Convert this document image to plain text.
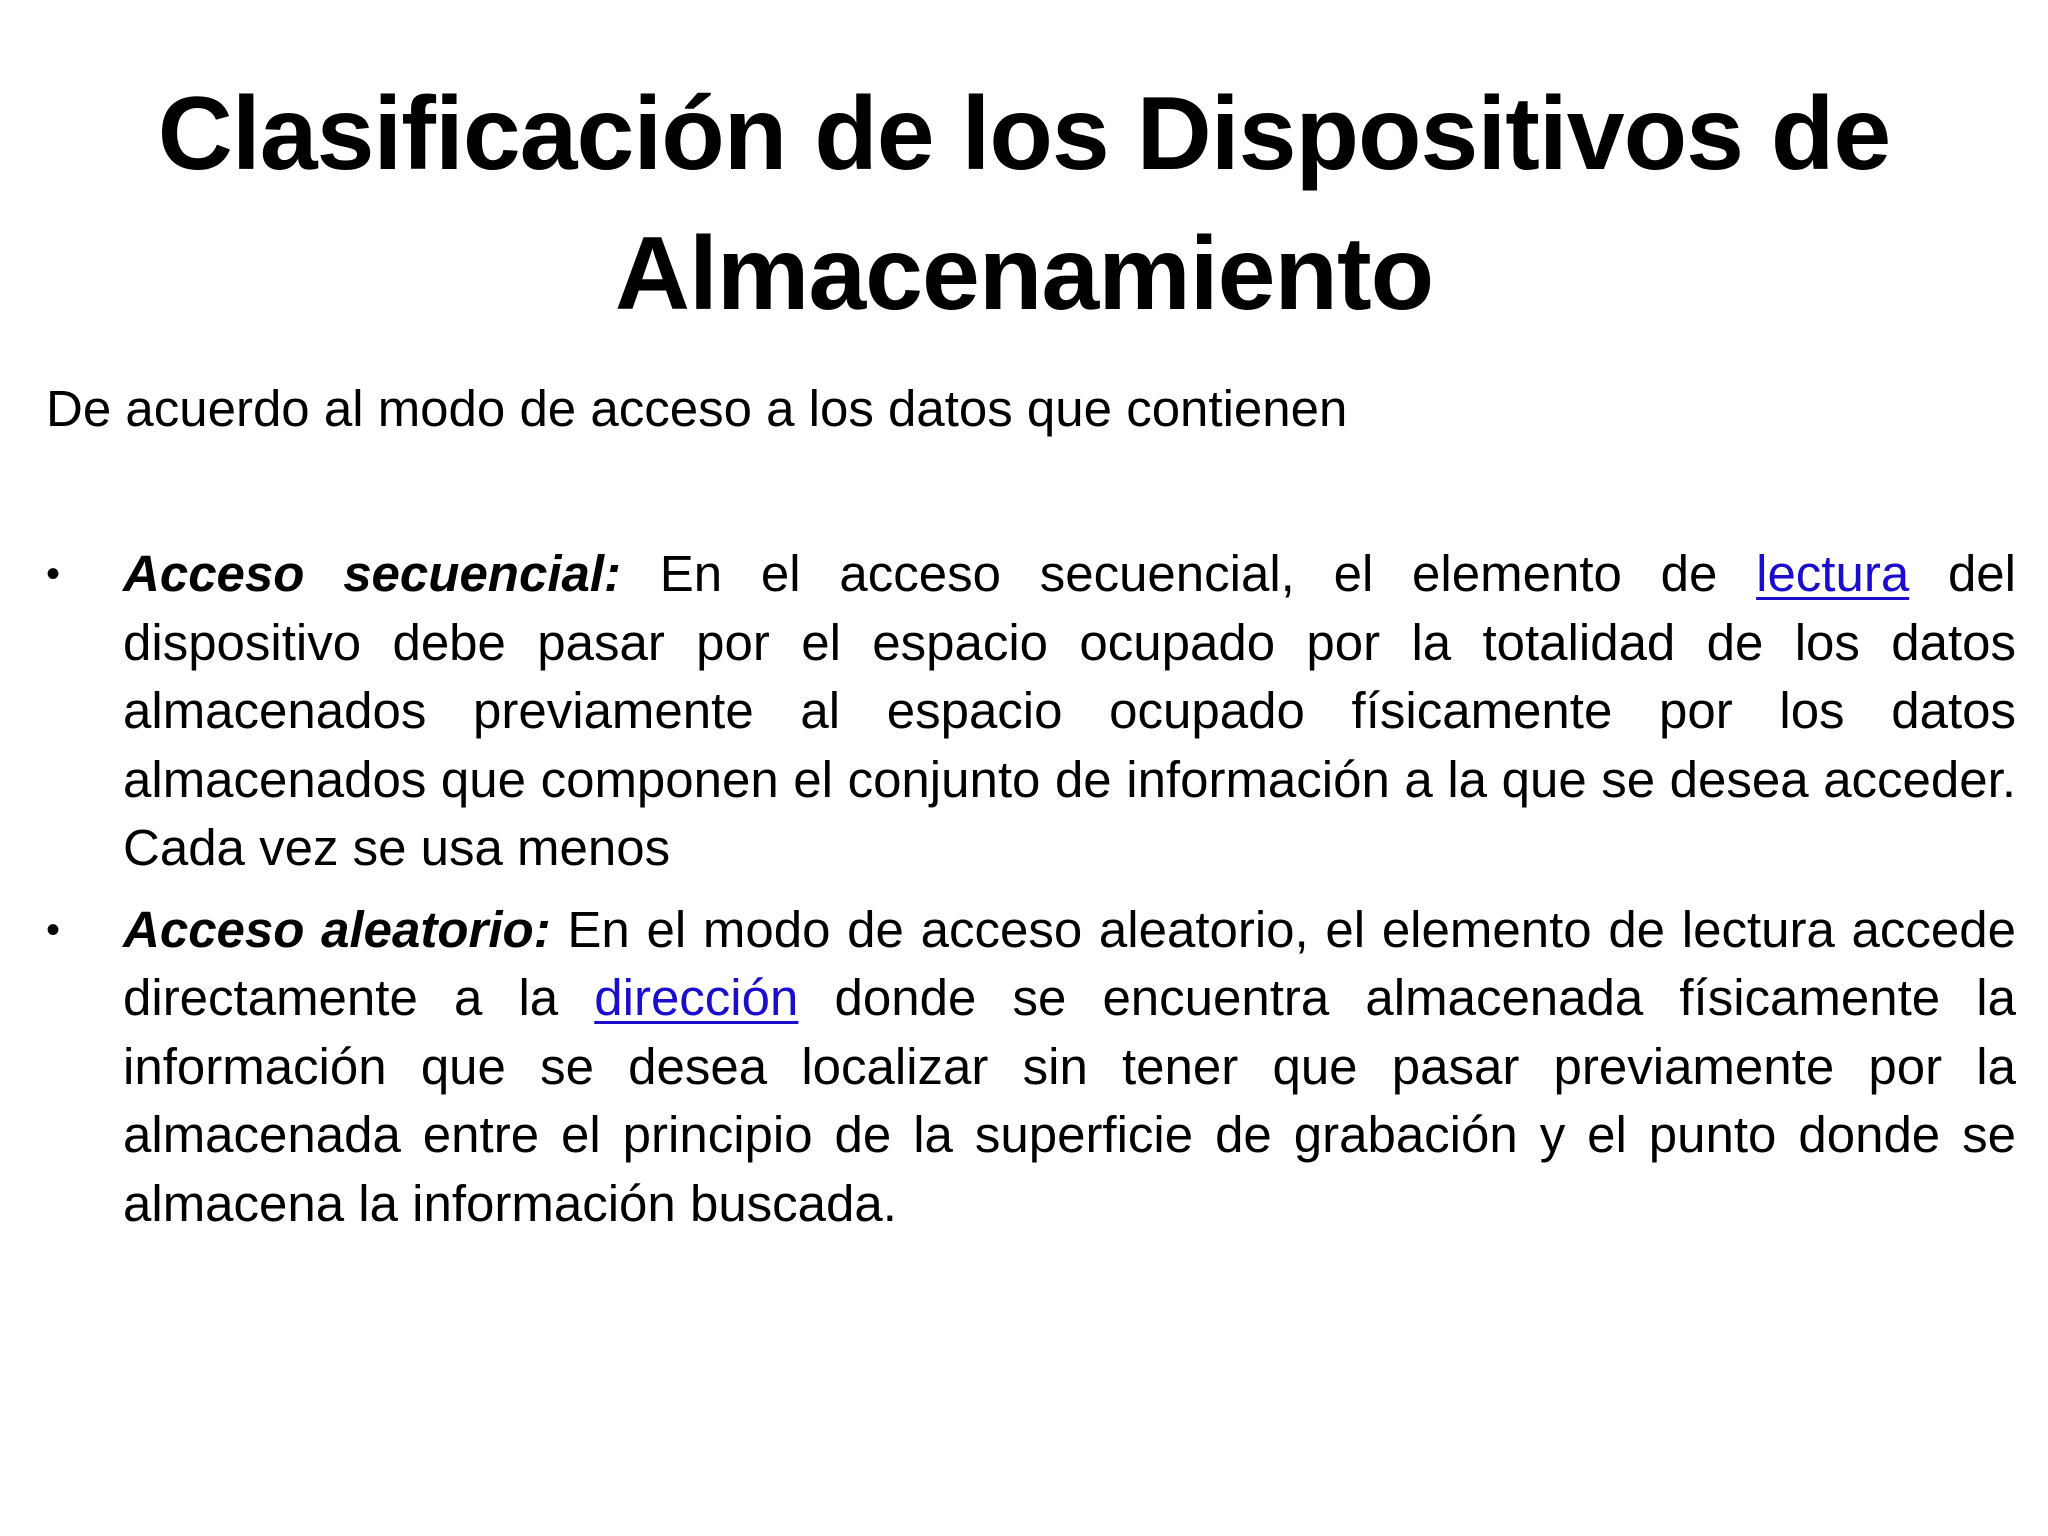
Clasificación de los Dispositivos de Almacenamiento

De acuerdo al modo de acceso a los datos que contienen

• Acceso secuencial: En el acceso secuencial, el elemento de lectura del dispositivo debe pasar por el espacio ocupado por la totalidad de los datos almacenados previamente al espacio ocupado físicamente por los datos almacenados que componen el conjunto de información a la que se desea acceder. Cada vez se usa menos
• Acceso aleatorio: En el modo de acceso aleatorio, el elemento de lectura accede directamente a la dirección donde se encuentra almacenada físicamente la información que se desea localizar sin tener que pasar previamente por la almacenada entre el principio de la superficie de grabación y el punto donde se almacena la información buscada.
